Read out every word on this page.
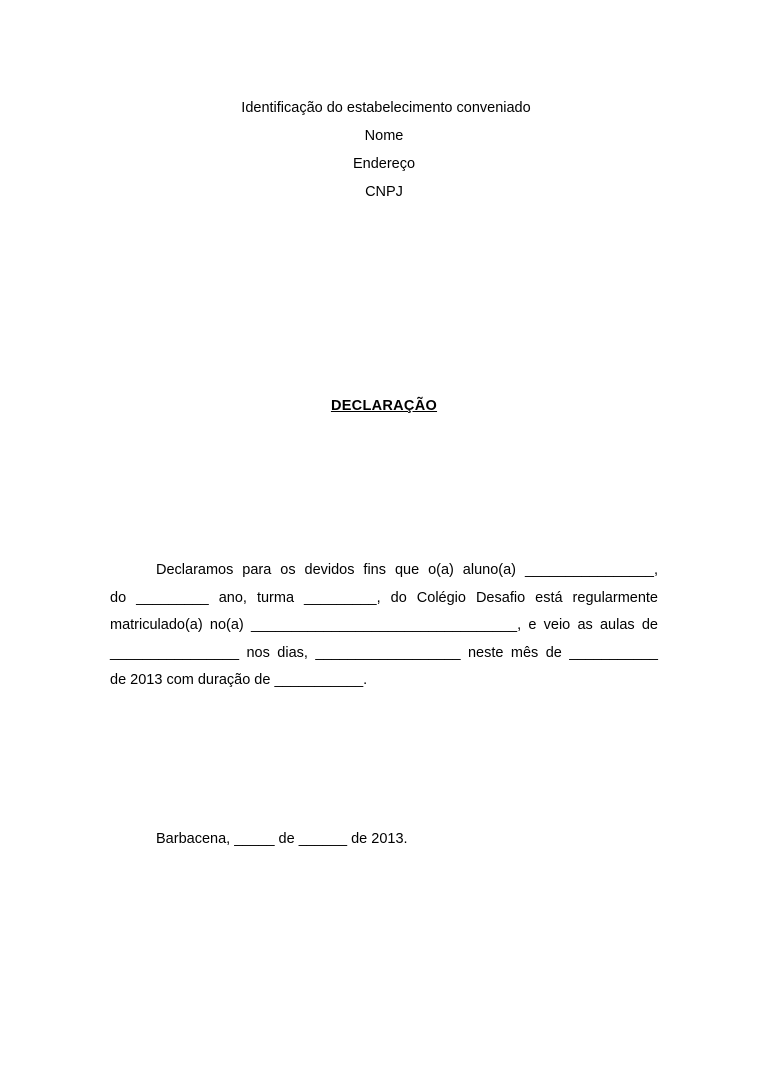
Identificação do estabelecimento conveniado
Nome
Endereço
CNPJ
DECLARAÇÃO
Declaramos para os devidos fins que o(a) aluno(a) ________________,
do _________ ano, turma _________, do Colégio Desafio está regularmente
matriculado(a) no(a) _________________________________, e veio as aulas de
________________ nos dias, __________________ neste mês de ___________
de 2013 com duração de ___________.
Barbacena, _____ de ______ de 2013.
